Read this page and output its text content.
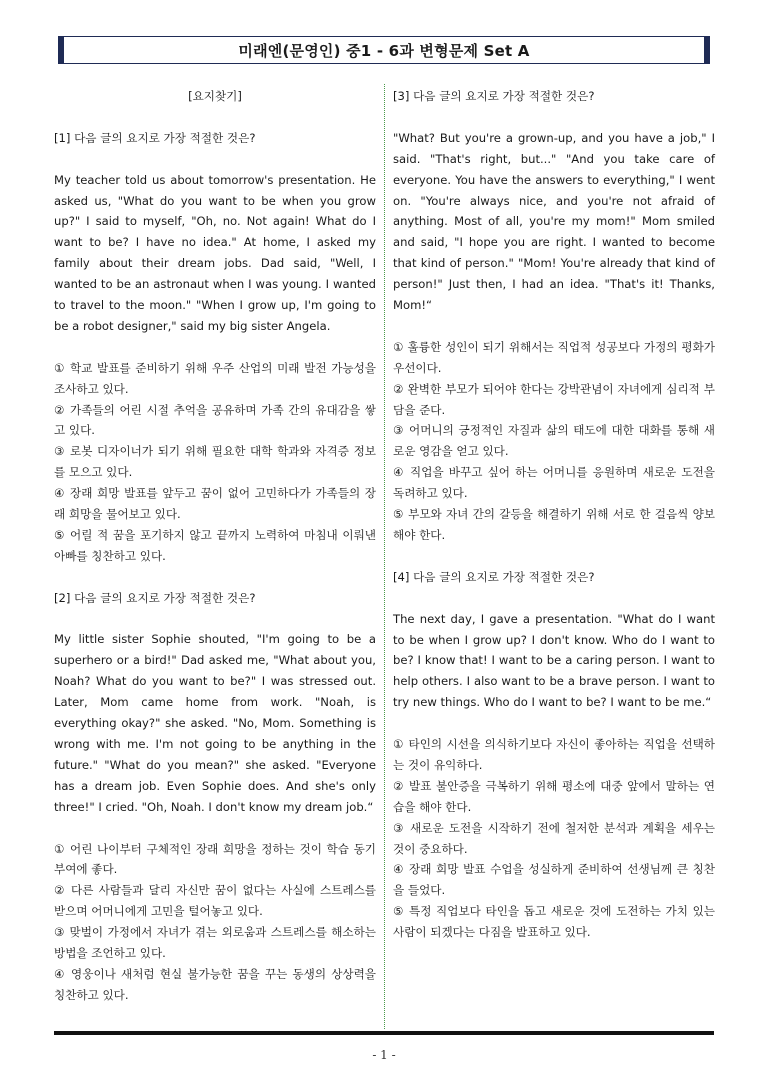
미래엔(문영인) 중1 - 6과 변형문제 Set A

[요지찾기]

[1] 다음 글의 요지로 가장 적절한 것은?

My teacher told us about tomorrow's presentation. He asked us, "What do you want to be when you grow up?" I said to myself, "Oh, no. Not again! What do I want to be? I have no idea." At home, I asked my family about their dream jobs. Dad said, "Well, I wanted to be an astronaut when I was young. I wanted to travel to the moon." "When I grow up, I'm going to be a robot designer," said my big sister Angela.

① 학교 발표를 준비하기 위해 우주 산업의 미래 발전 가능성을 조사하고 있다.

② 가족들의 어린 시절 추억을 공유하며 가족 간의 유대감을 쌓고 있다.

③ 로봇 디자이너가 되기 위해 필요한 대학 학과와 자격증 정보를 모으고 있다.

④ 장래 희망 발표를 앞두고 꿈이 없어 고민하다가 가족들의 장래 희망을 물어보고 있다.

⑤ 어릴 적 꿈을 포기하지 않고 끝까지 노력하여 마침내 이뤄낸 아빠를 칭찬하고 있다.

[2] 다음 글의 요지로 가장 적절한 것은?

My little sister Sophie shouted, "I'm going to be a superhero or a bird!" Dad asked me, "What about you, Noah? What do you want to be?" I was stressed out. Later, Mom came home from work. "Noah, is everything okay?" she asked. "No, Mom. Something is wrong with me. I'm not going to be anything in the future." "What do you mean?" she asked. "Everyone has a dream job. Even Sophie does. And she's only three!" I cried. "Oh, Noah. I don't know my dream job.“

① 어린 나이부터 구체적인 장래 희망을 정하는 것이 학습 동기 부여에 좋다.

② 다른 사람들과 달리 자신만 꿈이 없다는 사실에 스트레스를 받으며 어머니에게 고민을 털어놓고 있다.

③ 맞벌이 가정에서 자녀가 겪는 외로움과 스트레스를 해소하는 방법을 조언하고 있다.

④ 영웅이나 새처럼 현실 불가능한 꿈을 꾸는 동생의 상상력을 칭찬하고 있다.

[3] 다음 글의 요지로 가장 적절한 것은?

"What? But you're a grown-up, and you have a job," I said. "That's right, but..." "And you take care of everyone. You have the answers to everything," I went on. "You're always nice, and you're not afraid of anything. Most of all, you're my mom!" Mom smiled and said, "I hope you are right. I wanted to become that kind of person." "Mom! You're already that kind of person!" Just then, I had an idea. "That's it! Thanks, Mom!“

① 훌륭한 성인이 되기 위해서는 직업적 성공보다 가정의 평화가 우선이다.

② 완벽한 부모가 되어야 한다는 강박관념이 자녀에게 심리적 부담을 준다.

③ 어머니의 긍정적인 자질과 삶의 태도에 대한 대화를 통해 새로운 영감을 얻고 있다.

④ 직업을 바꾸고 싶어 하는 어머니를 응원하며 새로운 도전을 독려하고 있다.

⑤ 부모와 자녀 간의 갈등을 해결하기 위해 서로 한 걸음씩 양보해야 한다.

[4] 다음 글의 요지로 가장 적절한 것은?

The next day, I gave a presentation. "What do I want to be when I grow up? I don't know. Who do I want to be? I know that! I want to be a caring person. I want to help others. I also want to be a brave person. I want to try new things. Who do I want to be? I want to be me.“

① 타인의 시선을 의식하기보다 자신이 좋아하는 직업을 선택하는 것이 유익하다.

② 발표 불안증을 극복하기 위해 평소에 대중 앞에서 말하는 연습을 해야 한다.

③ 새로운 도전을 시작하기 전에 철저한 분석과 계획을 세우는 것이 중요하다.

④ 장래 희망 발표 수업을 성실하게 준비하여 선생님께 큰 칭찬을 들었다.

⑤ 특정 직업보다 타인을 돕고 새로운 것에 도전하는 가치 있는 사람이 되겠다는 다짐을 발표하고 있다.

- 1 -
